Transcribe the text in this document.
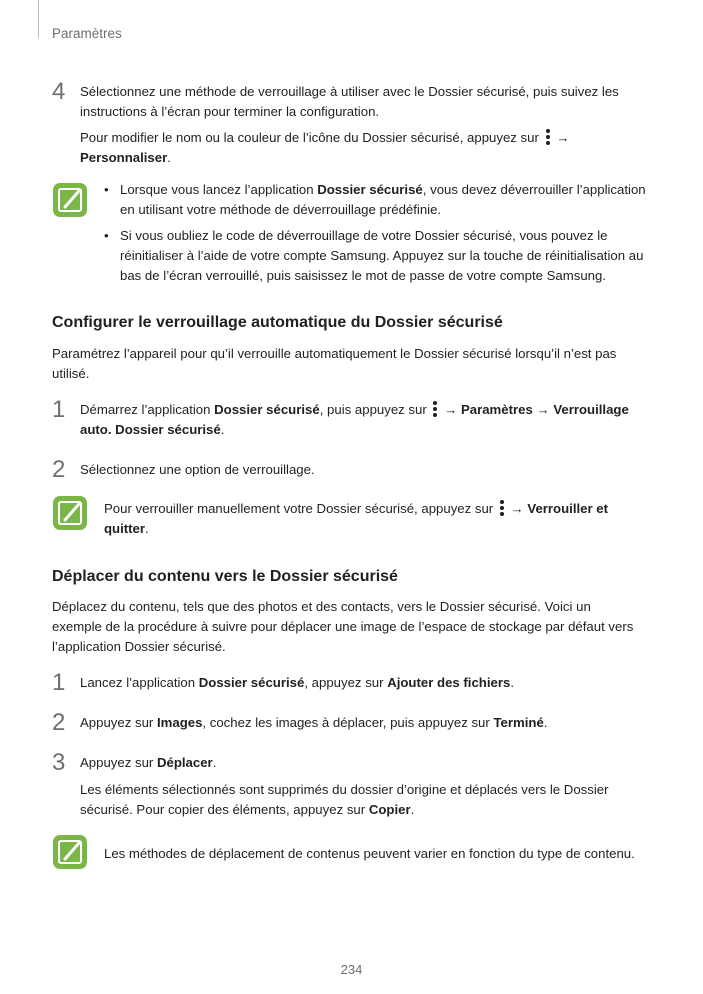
Paramètres
4 Sélectionnez une méthode de verrouillage à utiliser avec le Dossier sécurisé, puis suivez les
instructions à l’écran pour terminer la configuration.
Pour modifier le nom ou la couleur de l’icône du Dossier sécurisé, appuyez sur →
Personnaliser.
• Lorsque vous lancez l’application Dossier sécurisé, vous devez déverrouiller l’application
en utilisant votre méthode de déverrouillage prédéfinie.
• Si vous oubliez le code de déverrouillage de votre Dossier sécurisé, vous pouvez le
réinitialiser à l’aide de votre compte Samsung. Appuyez sur la touche de réinitialisation au
bas de l’écran verrouillé, puis saisissez le mot de passe de votre compte Samsung.
Configurer le verrouillage automatique du Dossier sécurisé
Paramétrez l’appareil pour qu’il verrouille automatiquement le Dossier sécurisé lorsqu’il n’est pas
utilisé.
1 Démarrez l’application Dossier sécurisé, puis appuyez sur
→ Paramètres → Verrouillage
auto. Dossier sécurisé.
2 Sélectionnez une option de verrouillage.
Pour verrouiller manuellement votre Dossier sécurisé, appuyez sur
→ Verrouiller et
quitter.
Déplacer du contenu vers le Dossier sécurisé
Déplacez du contenu, tels que des photos et des contacts, vers le Dossier sécurisé. Voici un
exemple de la procédure à suivre pour déplacer une image de l’espace de stockage par défaut vers
l’application Dossier sécurisé.
1 Lancez l’application Dossier sécurisé, appuyez sur Ajouter des fichiers.
2 Appuyez sur Images, cochez les images à déplacer, puis appuyez sur Terminé.
3 Appuyez sur Déplacer.
Les éléments sélectionnés sont supprimés du dossier d’origine et déplacés vers le Dossier
sécurisé. Pour copier des éléments, appuyez sur Copier.
Les méthodes de déplacement de contenus peuvent varier en fonction du type de contenu.
234
